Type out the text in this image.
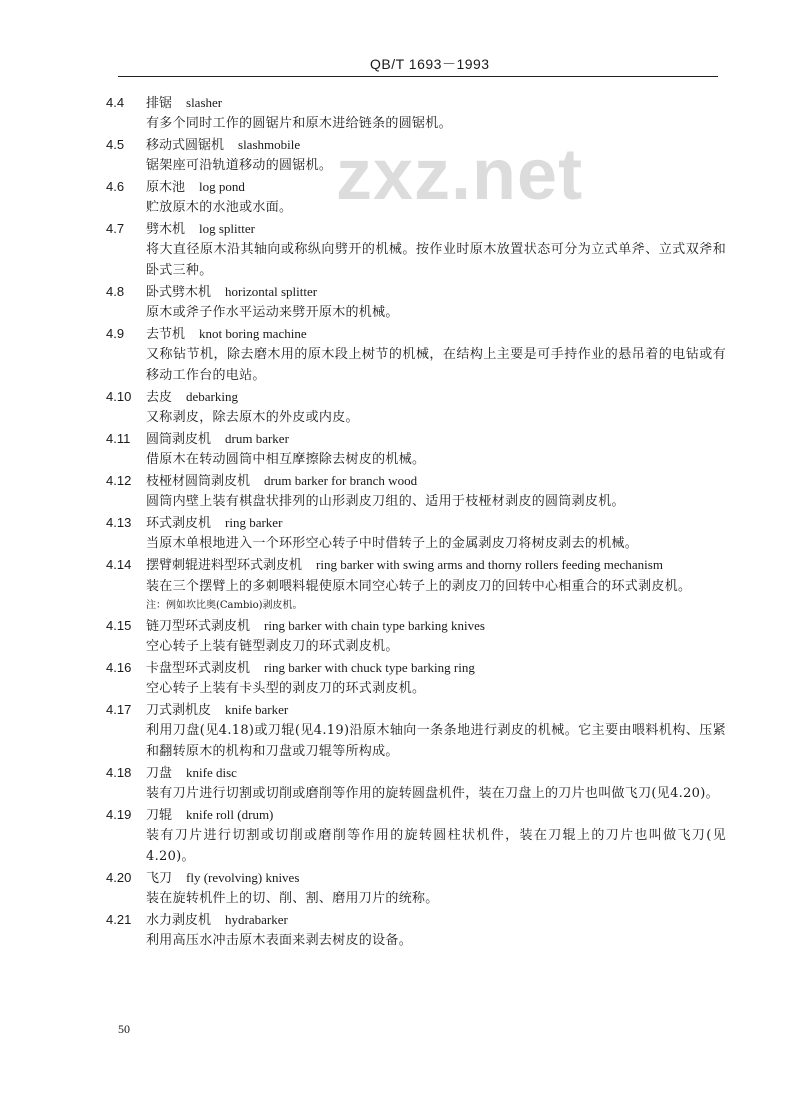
QB/T 1693－1993
zxz.net
4.4 排锯 slasher
有多个同时工作的圆锯片和原木进给链条的圆锯机。
4.5 移动式圆锯机 slashmobile
锯架座可沿轨道移动的圆锯机。
4.6 原木池 log pond
贮放原木的水池或水面。
4.7 劈木机 log splitter
将大直径原木沿其轴向或称纵向劈开的机械。按作业时原木放置状态可分为立式单斧、立式双斧和卧式三种。
4.8 卧式劈木机 horizontal splitter
原木或斧子作水平运动来劈开原木的机械。
4.9 去节机 knot boring machine
又称钻节机，除去磨木用的原木段上树节的机械，在结构上主要是可手持作业的悬吊着的电钻或有移动工作台的电站。
4.10 去皮 debarking
又称剥皮，除去原木的外皮或内皮。
4.11 圆筒剥皮机 drum barker
借原木在转动圆筒中相互摩擦除去树皮的机械。
4.12 枝桠材圆筒剥皮机 drum barker for branch wood
圆筒内壁上装有棋盘状排列的山形剥皮刀组的、适用于枝桠材剥皮的圆筒剥皮机。
4.13 环式剥皮机 ring barker
当原木单根地进入一个环形空心转子中时借转子上的金属剥皮刀将树皮剥去的机械。
4.14 摆臂刺辊进料型环式剥皮机 ring barker with swing arms and thorny rollers feeding mechanism
装在三个摆臂上的多刺喂料辊使原木同空心转子上的剥皮刀的回转中心相重合的环式剥皮机。
注：例如坎比奥(Cambio)剥皮机。
4.15 链刀型环式剥皮机 ring barker with chain type barking knives
空心转子上装有链型剥皮刀的环式剥皮机。
4.16 卡盘型环式剥皮机 ring barker with chuck type barking ring
空心转子上装有卡头型的剥皮刀的环式剥皮机。
4.17 刀式剥机皮 knife barker
利用刀盘(见4.18)或刀辊(见4.19)沿原木轴向一条条地进行剥皮的机械。它主要由喂料机构、压紧和翻转原木的机构和刀盘或刀辊等所构成。
4.18 刀盘 knife disc
装有刀片进行切割或切削或磨削等作用的旋转圆盘机件，装在刀盘上的刀片也叫做飞刀(见4.20)。
4.19 刀辊 knife roll (drum)
装有刀片进行切割或切削或磨削等作用的旋转圆柱状机件，装在刀辊上的刀片也叫做飞刀(见4.20)。
4.20 飞刀 fly (revolving) knives
装在旋转机件上的切、削、割、磨用刀片的统称。
4.21 水力剥皮机 hydrabarker
利用高压水冲击原木表面来剥去树皮的设备。
50
